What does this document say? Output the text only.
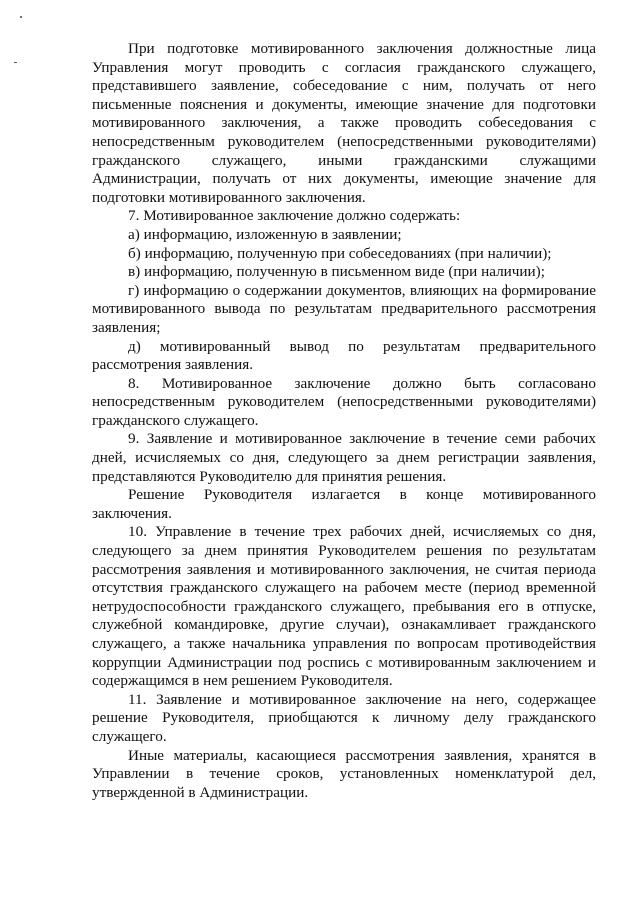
При подготовке мотивированного заключения должностные лица Управления могут проводить с согласия гражданского служащего, представившего заявление, собеседование с ним, получать от него письменные пояснения и документы, имеющие значение для подготовки мотивированного заключения, а также проводить собеседования с непосредственным руководителем (непосредственными руководителями) гражданского служащего, иными гражданскими служащими Администрации, получать от них документы, имеющие значение для подготовки мотивированного заключения.

7. Мотивированное заключение должно содержать:

а) информацию, изложенную в заявлении;

б) информацию, полученную при собеседованиях (при наличии);

в) информацию, полученную в письменном виде (при наличии);

г) информацию о содержании документов, влияющих на формирование мотивированного вывода по результатам предварительного рассмотрения заявления;

д) мотивированный вывод по результатам предварительного рассмотрения заявления.

8. Мотивированное заключение должно быть согласовано непосредственным руководителем (непосредственными руководителями) гражданского служащего.

9. Заявление и мотивированное заключение в течение семи рабочих дней, исчисляемых со дня, следующего за днем регистрации заявления, представляются Руководителю для принятия решения.

Решение Руководителя излагается в конце мотивированного заключения.

10. Управление в течение трех рабочих дней, исчисляемых со дня, следующего за днем принятия Руководителем решения по результатам рассмотрения заявления и мотивированного заключения, не считая периода отсутствия гражданского служащего на рабочем месте (период временной нетрудоспособности гражданского служащего, пребывания его в отпуске, служебной командировке, другие случаи), ознакамливает гражданского служащего, а также начальника управления по вопросам противодействия коррупции Администрации под роспись с мотивированным заключением и содержащимся в нем решением Руководителя.

11. Заявление и мотивированное заключение на него, содержащее решение Руководителя, приобщаются к личному делу гражданского служащего.

Иные материалы, касающиеся рассмотрения заявления, хранятся в Управлении в течение сроков, установленных номенклатурой дел, утвержденной в Администрации.
